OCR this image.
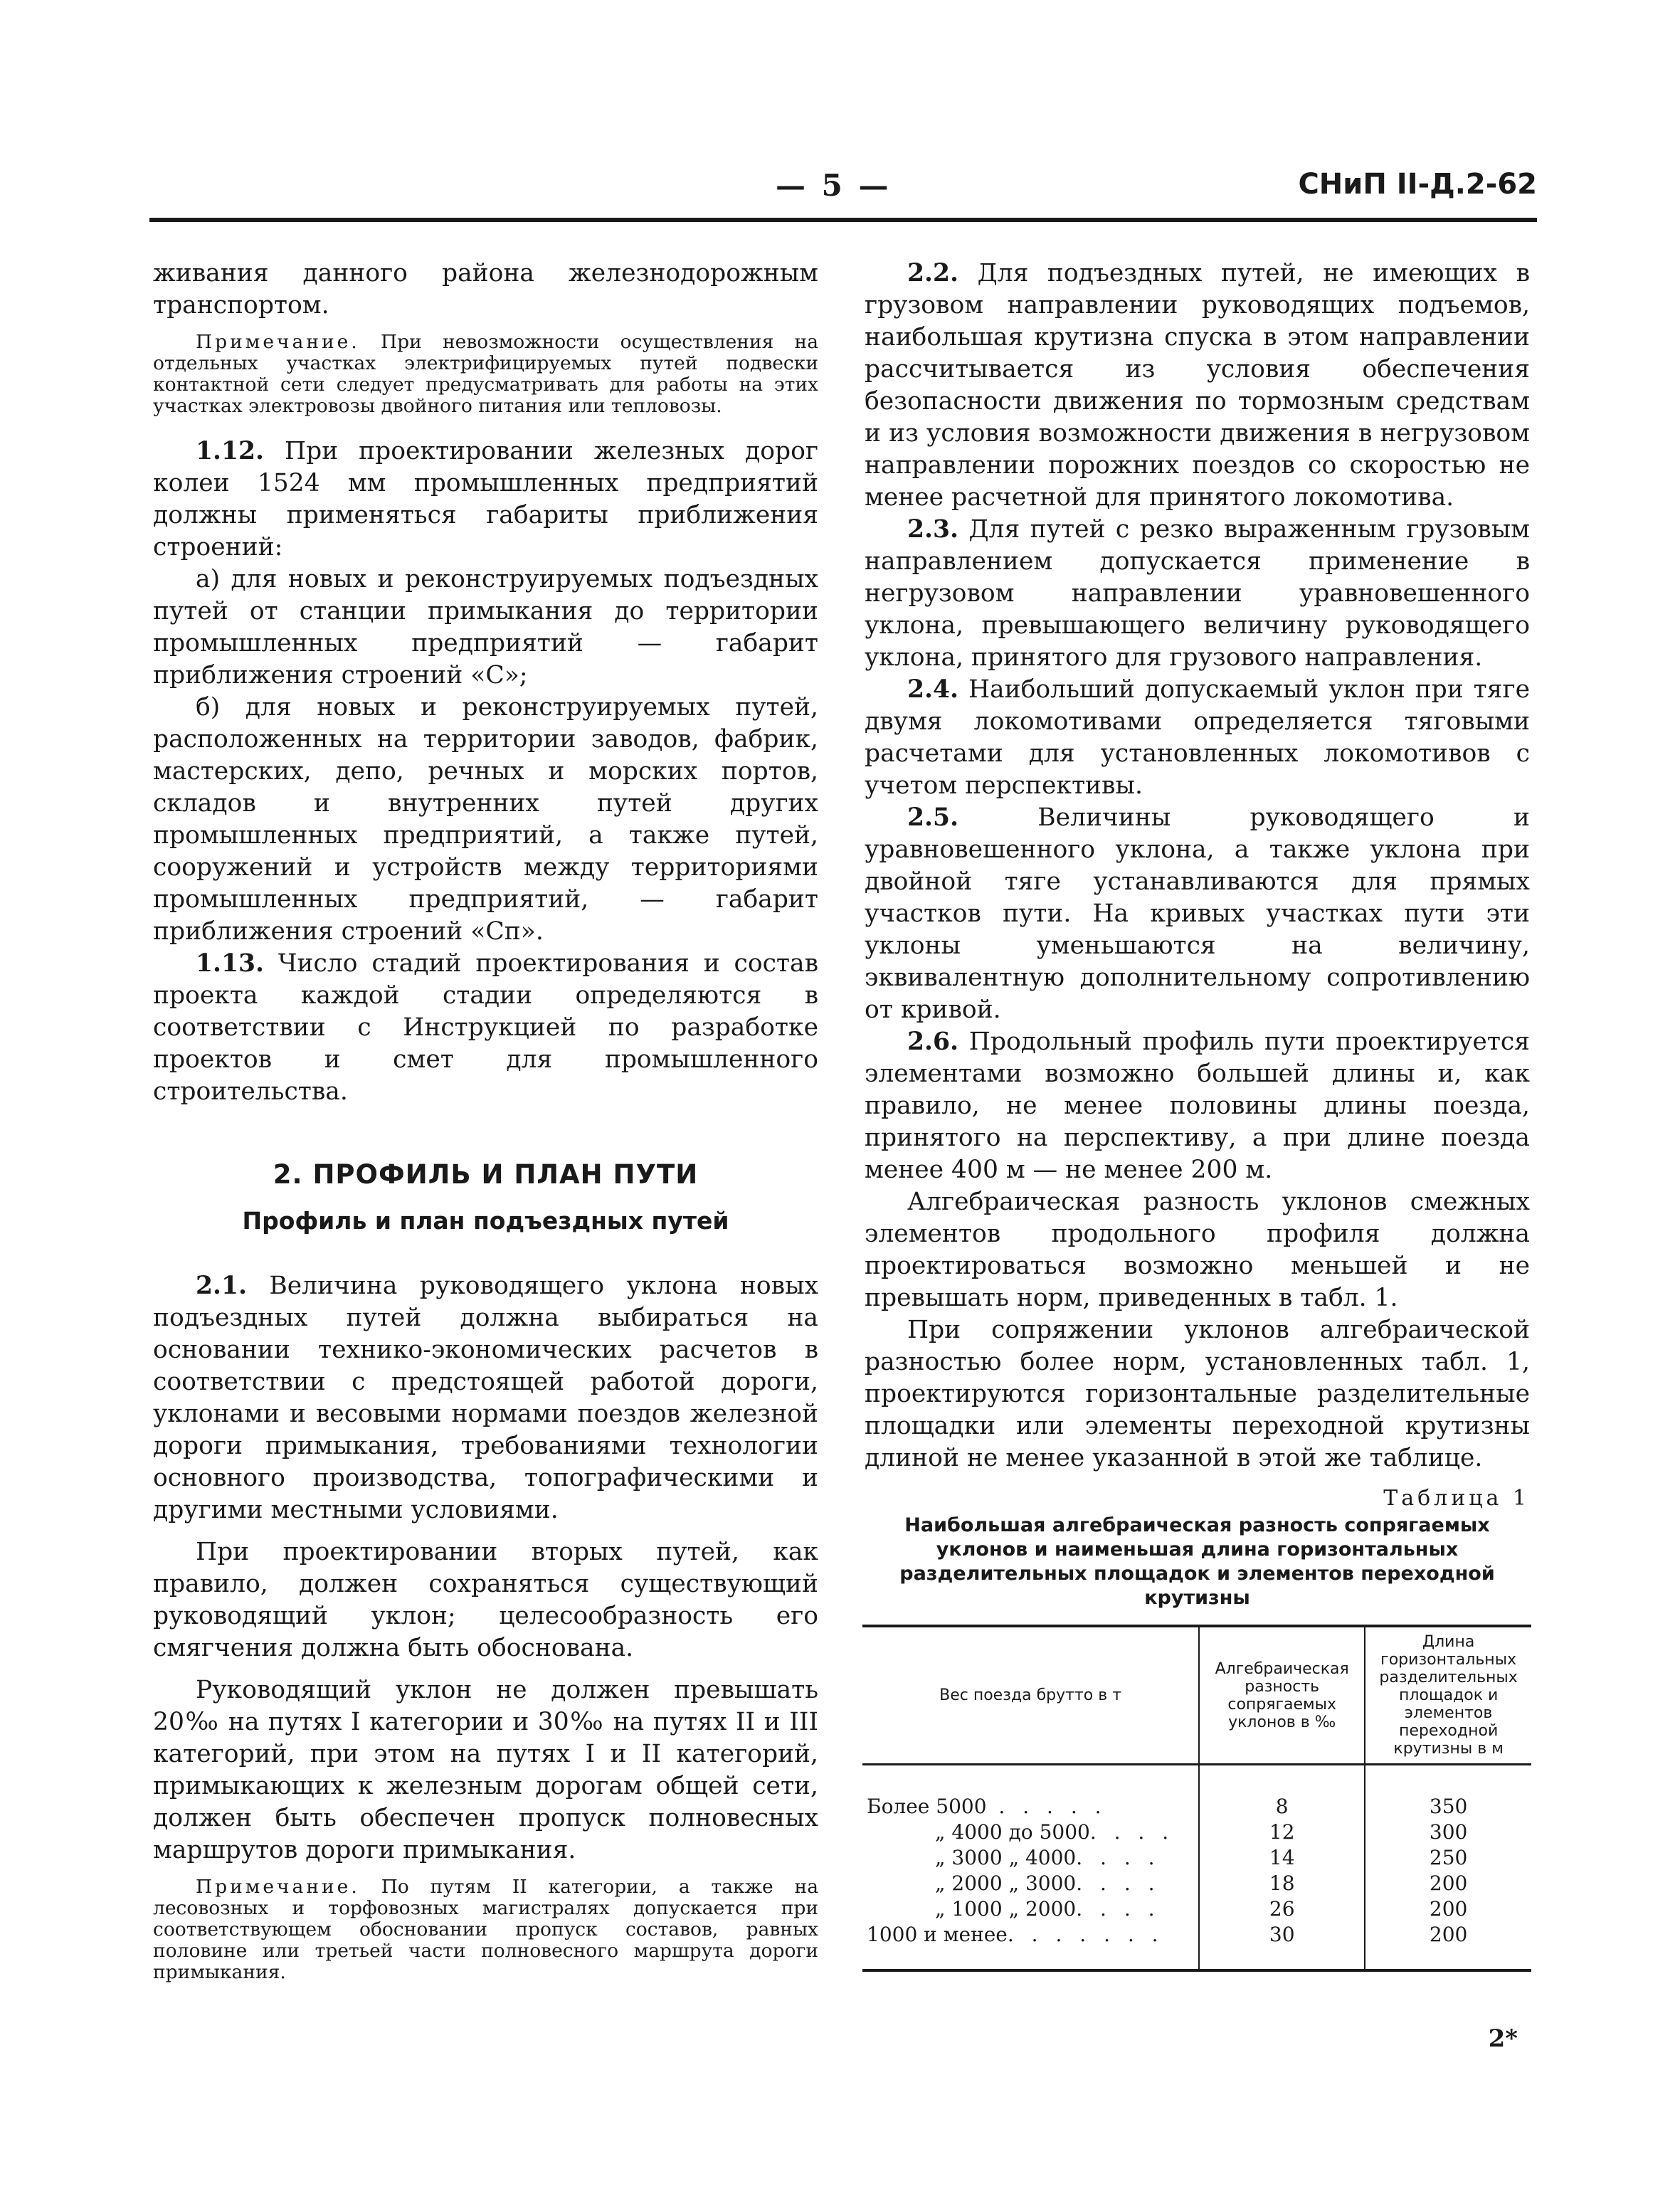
— 5 —	СНиП II-Д.2-62

живания данного района железнодорожным транспортом.

Примечание. При невозможности осуществления на отдельных участках электрифицируемых путей подвески контактной сети следует предусматривать для работы на этих участках электровозы двойного питания или тепловозы.

1.12. При проектировании железных дорог колеи 1524 мм промышленных предприятий должны применяться габариты приближения строений:

а) для новых и реконструируемых подъездных путей от станции примыкания до территории промышленных предприятий — габарит приближения строений «С»;

б) для новых и реконструируемых путей, расположенных на территории заводов, фабрик, мастерских, депо, речных и морских портов, складов и внутренних путей других промышленных предприятий, а также путей, сооружений и устройств между территориями промышленных предприятий, — габарит приближения строений «Сп».

1.13. Число стадий проектирования и состав проекта каждой стадии определяются в соответствии с Инструкцией по разработке проектов и смет для промышленного строительства.

2. ПРОФИЛЬ И ПЛАН ПУТИ
Профиль и план подъездных путей

2.1. Величина руководящего уклона новых подъездных путей должна выбираться на основании технико-экономических расчетов в соответствии с предстоящей работой дороги, уклонами и весовыми нормами поездов железной дороги примыкания, требованиями технологии основного производства, топографическими и другими местными условиями.

При проектировании вторых путей, как правило, должен сохраняться существующий руководящий уклон; целесообразность его смягчения должна быть обоснована.

Руководящий уклон не должен превышать 20‰ на путях I категории и 30‰ на путях II и III категорий, при этом на путях I и II категорий, примыкающих к железным дорогам общей сети, должен быть обеспечен пропуск полновесных маршрутов дороги примыкания.

Примечание. По путям II категории, а также на лесовозных и торфовозных магистралях допускается при соответствующем обосновании пропуск составов, равных половине или третьей части полновесного маршрута дороги примыкания.

2.2. Для подъездных путей, не имеющих в грузовом направлении руководящих подъемов, наибольшая крутизна спуска в этом направлении рассчитывается из условия обеспечения безопасности движения по тормозным средствам и из условия возможности движения в негрузовом направлении порожних поездов со скоростью не менее расчетной для принятого локомотива.

2.3. Для путей с резко выраженным грузовым направлением допускается применение в негрузовом направлении уравновешенного уклона, превышающего величину руководящего уклона, принятого для грузового направления.

2.4. Наибольший допускаемый уклон при тяге двумя локомотивами определяется тяговыми расчетами для установленных локомотивов с учетом перспективы.

2.5. Величины руководящего и уравновешенного уклона, а также уклона при двойной тяге устанавливаются для прямых участков пути. На кривых участках пути эти уклоны уменьшаются на величину, эквивалентную дополнительному сопротивлению от кривой.

2.6. Продольный профиль пути проектируется элементами возможно большей длины и, как правило, не менее половины длины поезда, принятого на перспективу, а при длине поезда менее 400 м — не менее 200 м.

Алгебраическая разность уклонов смежных элементов продольного профиля должна проектироваться возможно меньшей и не превышать норм, приведенных в табл. 1.

При сопряжении уклонов алгебраической разностью более норм, установленных табл. 1, проектируются горизонтальные разделительные площадки или элементы переходной крутизны длиной не менее указанной в этой же таблице.

Таблица 1
Наибольшая алгебраическая разность сопрягаемых уклонов и наименьшая длина горизонтальных разделительных площадок и элементов переходной крутизны
Вес поезда брутто в т	Алгебраическая разность сопрягаемых уклонов в ‰	Длина горизонтальных разделительных площадок и элементов переходной крутизны в м
Более 5000 . . . . .	8	350
„ 4000 до 5000. . . .	12	300
„ 3000 „ 4000. . . .	14	250
„ 2000 „ 3000. . . .	18	200
„ 1000 „ 2000. . . .	26	200
1000 и менее. . . . . . .	30	200
2*
